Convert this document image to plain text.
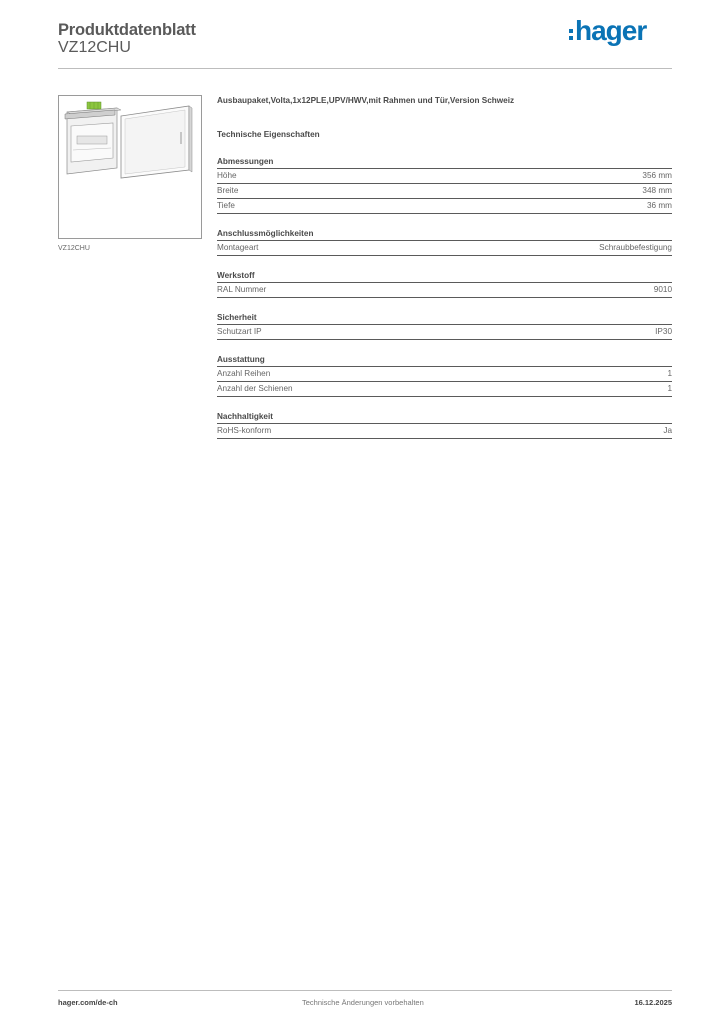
Produktdatenblatt
VZ12CHU
hager
VZ12CHU
Ausbaupaket,Volta,1x12PLE,UPV/HWV,mit Rahmen und Tür,Version Schweiz
Technische Eigenschaften
Abmessungen
Höhe	356 mm
Breite	348 mm
Tiefe	36 mm
Anschlussmöglichkeiten
Montageart	Schraubbefestigung
Werkstoff
RAL Nummer	9010
Sicherheit
Schutzart IP	IP30
Ausstattung
Anzahl Reihen	1
Anzahl der Schienen	1
Nachhaltigkeit
RoHS-konform	Ja
hager.com/de-ch	Technische Änderungen vorbehalten	16.12.2025
